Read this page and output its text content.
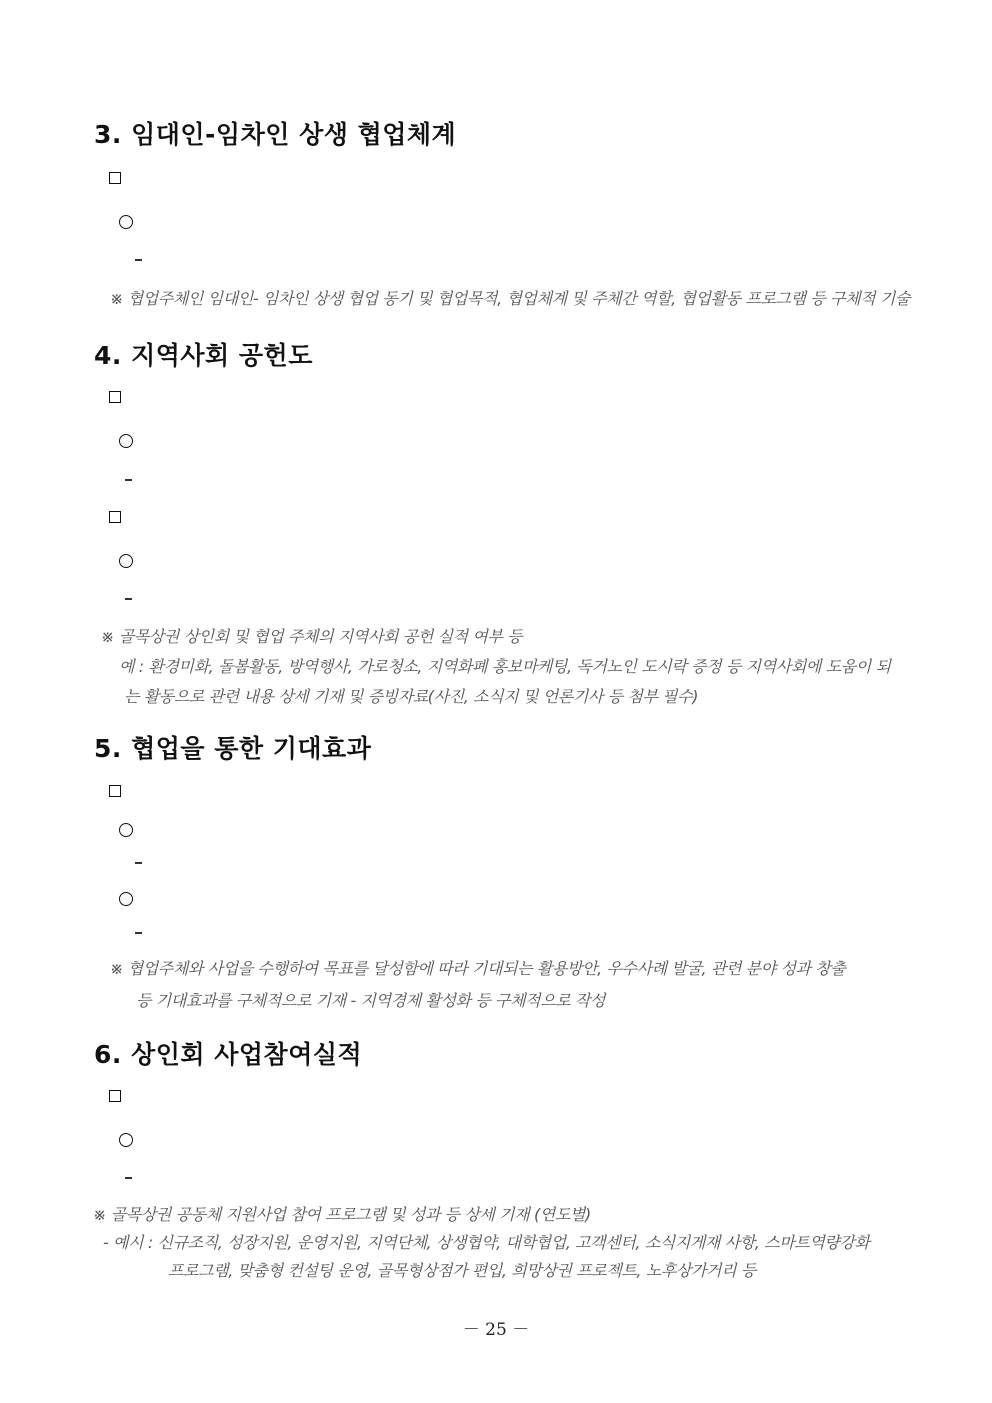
3. 임대인-임차인 상생 협업체계
※ 협업주체인 임대인- 임차인 상생 협업 동기 및 협업목적, 협업체계 및 주체간 역할, 협업활동 프로그램 등 구체적 기술
4. 지역사회 공헌도
※ 골목상권 상인회 및 협업 주체의 지역사회 공헌 실적 여부 등
예 : 환경미화, 돌봄활동, 방역행사, 가로청소, 지역화폐 홍보마케팅, 독거노인 도시락 증정 등 지역사회에 도움이 되
는 활동으로 관련 내용 상세 기재 및 증빙자료(사진, 소식지 및 언론기사 등 첨부 필수)
5. 협업을 통한 기대효과
※ 협업주체와 사업을 수행하여 목표를 달성함에 따라 기대되는 활용방안, 우수사례 발굴, 관련 분야 성과 창출
등 기대효과를 구체적으로 기재 - 지역경제 활성화 등 구체적으로 작성
6. 상인회 사업참여실적
※ 골목상권 공동체 지원사업 참여 프로그램 및 성과 등 상세 기재 (연도별)
- 예시 : 신규조직, 성장지원, 운영지원, 지역단체, 상생협약, 대학협업, 고객센터, 소식지게재 사항, 스마트역량강화
프로그램, 맞춤형 컨설팅 운영, 골목형상점가 편입, 희망상권 프로젝트, 노후상가거리 등
－ 25 －
